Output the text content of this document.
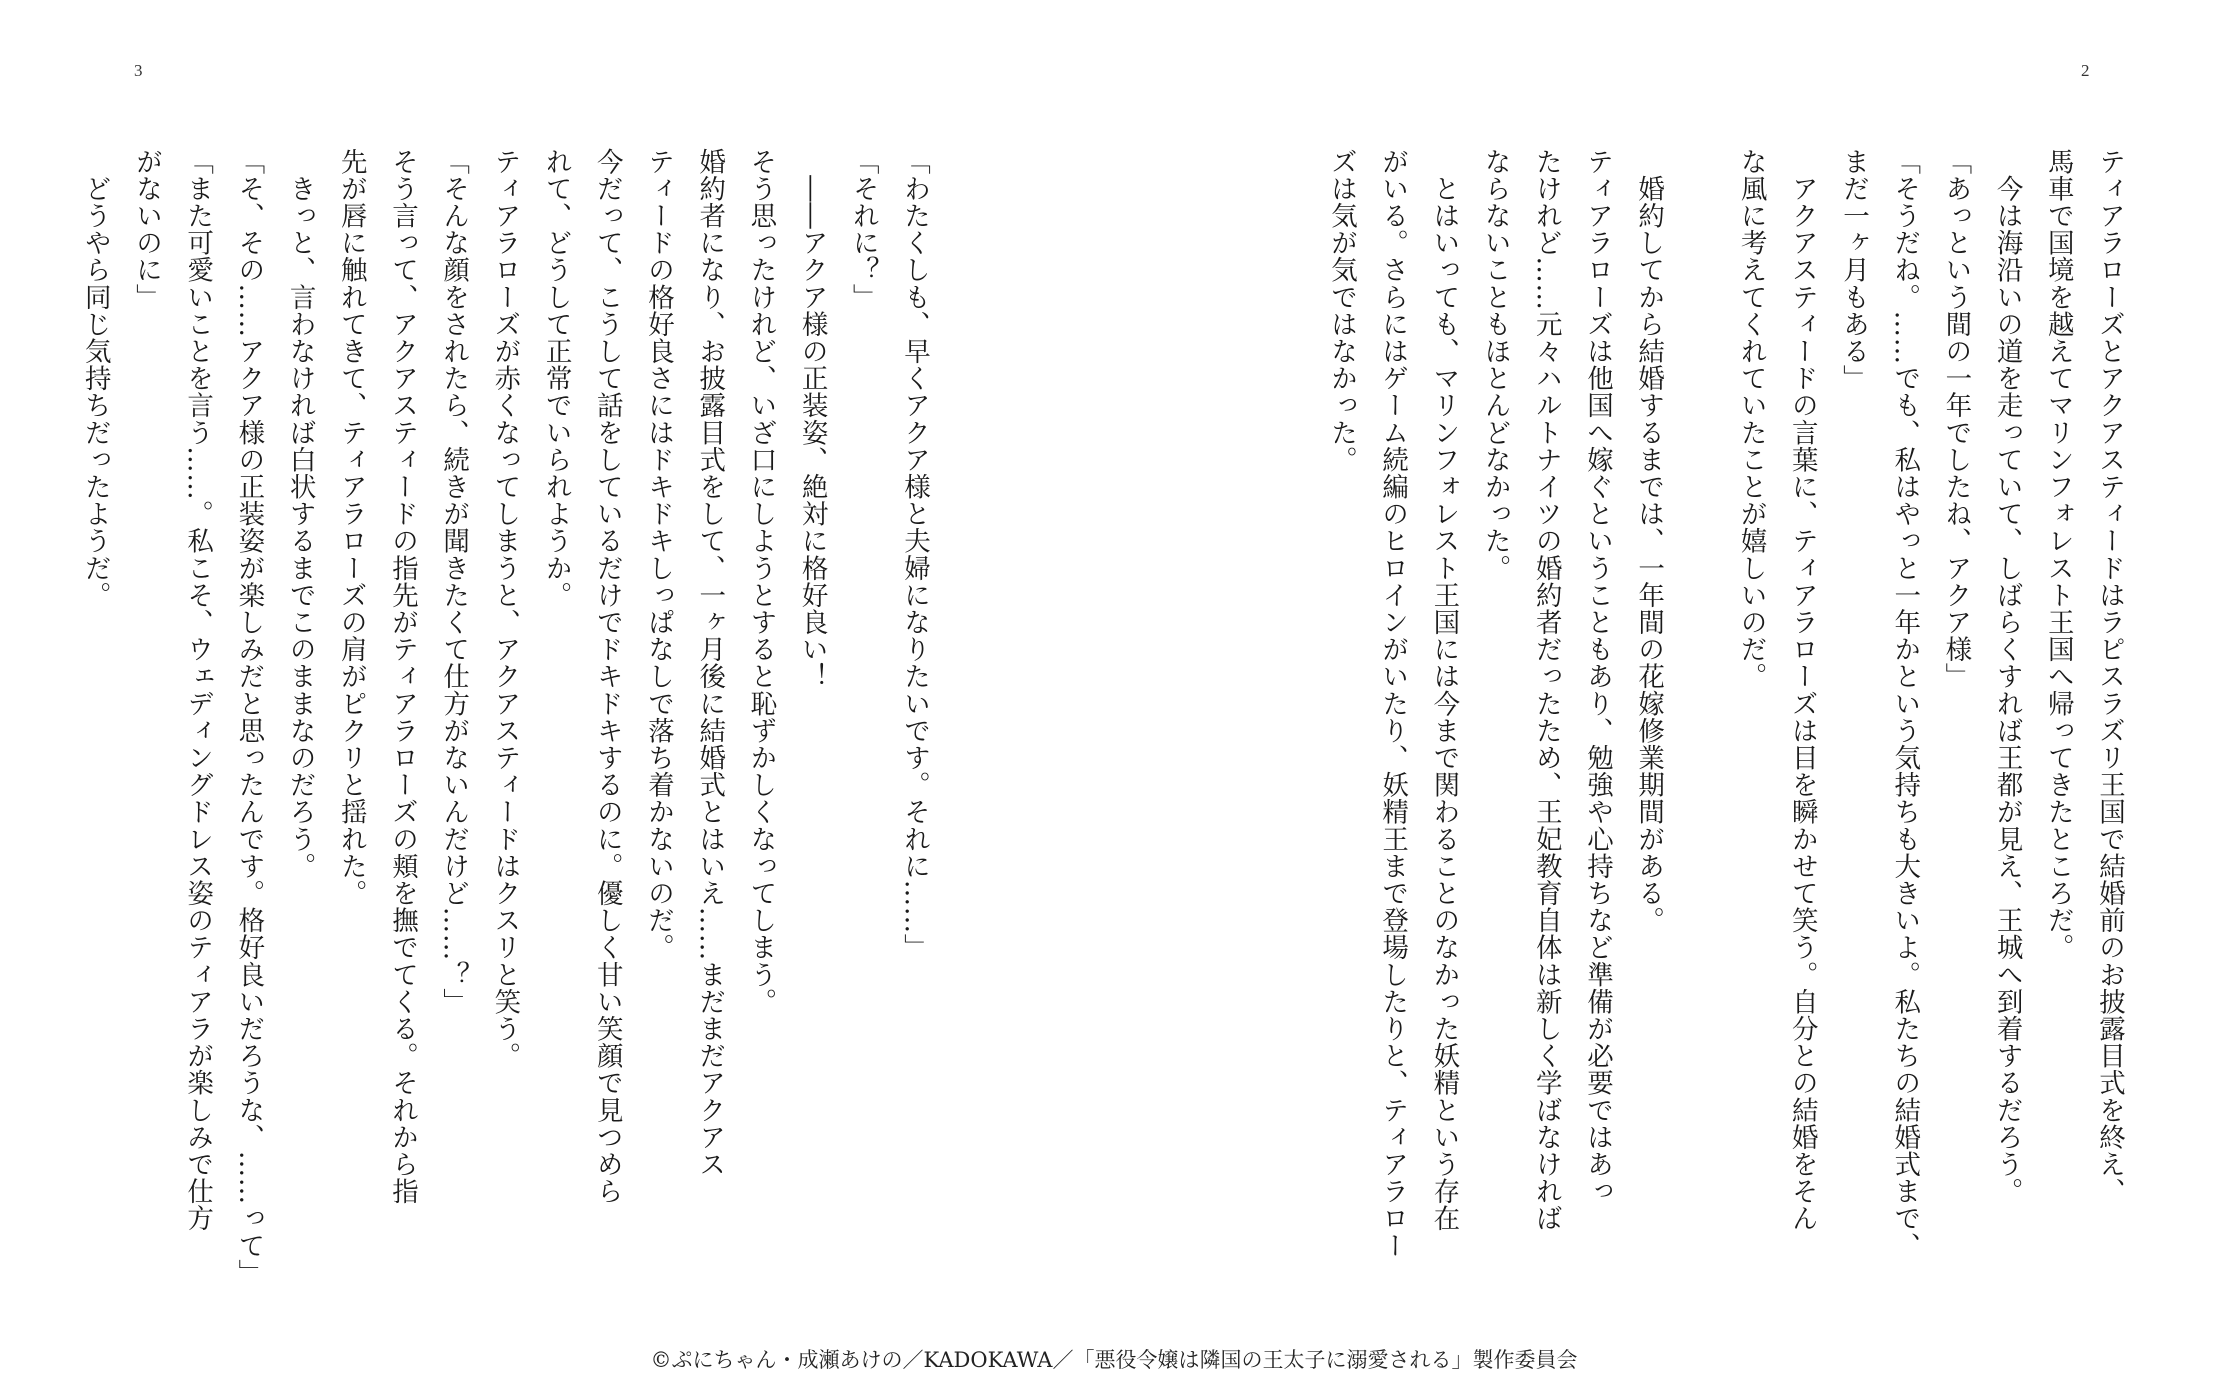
3	2
ティアラローズとアクアスティードはラピスラズリ王国で結婚前のお披露目式を終え、
馬車で国境を越えてマリンフォレスト王国へ帰ってきたところだ。
　今は海沿いの道を走っていて、しばらくすれば王都が見え、王城へ到着するだろう。
「あっという間の一年でしたね、アクア様」
「そうだね。……でも、私はやっと一年かという気持ちも大きいよ。私たちの結婚式まで、
まだ一ヶ月もある」
　アクアスティードの言葉に、ティアラローズは目を瞬かせて笑う。自分との結婚をそん
な風に考えてくれていたことが嬉しいのだ。

　婚約してから結婚するまでは、一年間の花嫁修業期間がある。
ティアラローズは他国へ嫁ぐということもあり、勉強や心持ちなど準備が必要ではあっ
たけれど……元々ハルトナイツの婚約者だったため、王妃教育自体は新しく学ばなければ
ならないこともほとんどなかった。
　とはいっても、マリンフォレスト王国には今まで関わることのなかった妖精という存在
がいる。さらにはゲーム続編のヒロインがいたり、妖精王まで登場したりと、ティアラロー
ズは気が気ではなかった。
「わたくしも、早くアクア様と夫婦になりたいです。それに……」
「それに？」
　――アクア様の正装姿、絶対に格好良い！
そう思ったけれど、いざ口にしようとすると恥ずかしくなってしまう。
婚約者になり、お披露目式をして、一ヶ月後に結婚式とはいえ……まだまだアクアス
ティードの格好良さにはドキドキしっぱなしで落ち着かないのだ。
今だって、こうして話をしているだけでドキドキするのに。優しく甘い笑顔で見つめら
れて、どうして正常でいられようか。
ティアラローズが赤くなってしまうと、アクアスティードはクスリと笑う。
「そんな顔をされたら、続きが聞きたくて仕方がないんだけど……？」
そう言って、アクアスティードの指先がティアラローズの頬を撫でてくる。それから指
先が唇に触れてきて、ティアラローズの肩がピクリと揺れた。
　きっと、言わなければ白状するまでこのままなのだろう。
「そ、その……アクア様の正装姿が楽しみだと思ったんです。格好良いだろうな、……って」
「また可愛いことを言う……。私こそ、ウェディングドレス姿のティアラが楽しみで仕方
がないのに」
　どうやら同じ気持ちだったようだ。
©ぷにちゃん・成瀬あけの／KADOKAWA／「悪役令嬢は隣国の王太子に溺愛される」製作委員会
